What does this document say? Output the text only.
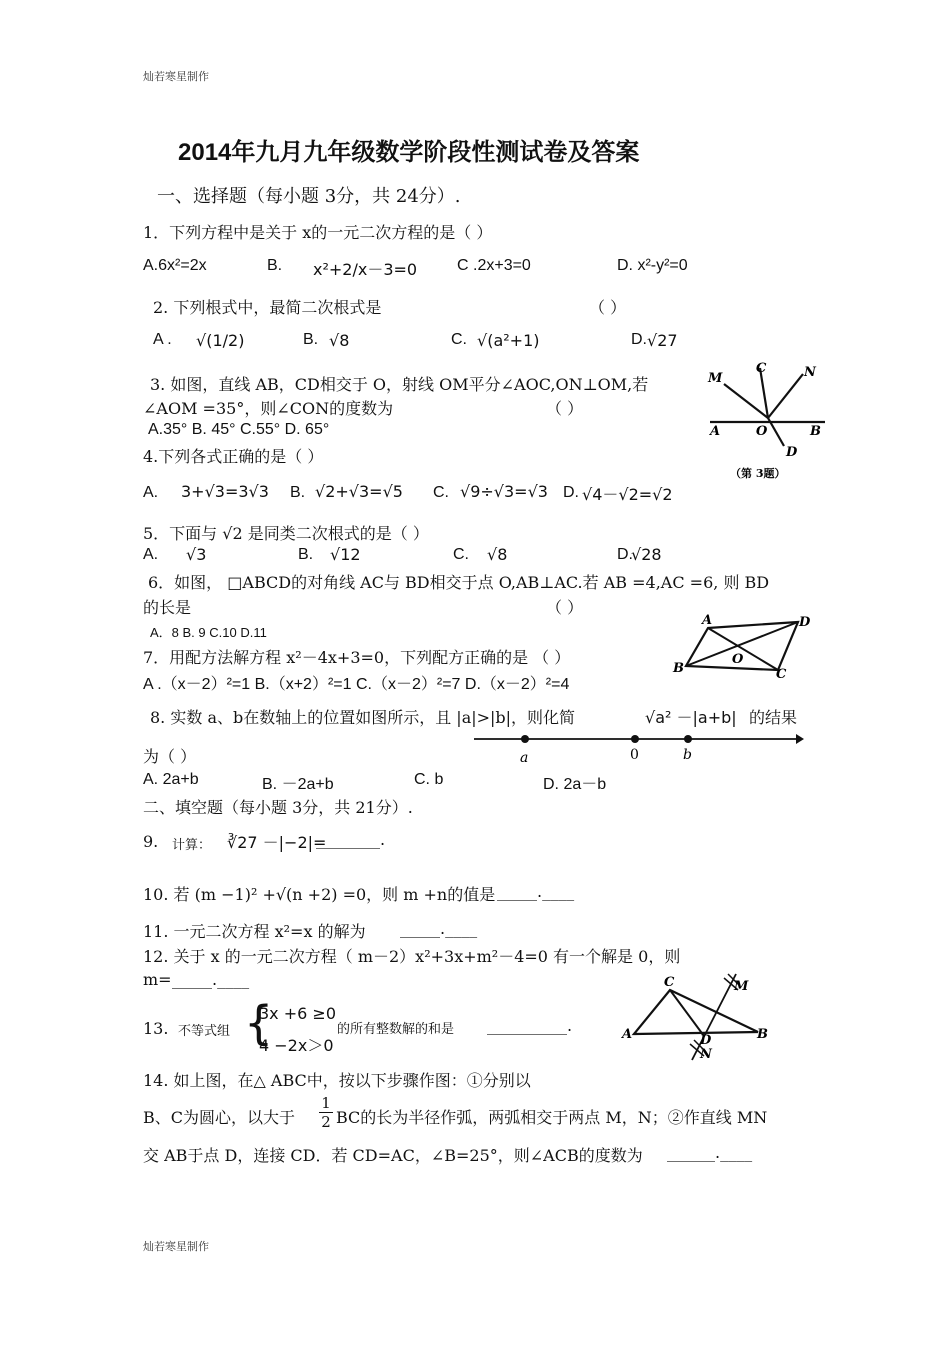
灿若寒星制作
灿若寒星制作
2014年九月九年级数学阶段性测试卷及答案
一、选择题（每小题 3分，共 24分）.
1．下列方程中是关于 x的一元二次方程的是（ ）
A.6x²=2x	B. x²+2/x－3=0 C .2x+3=0	D. x²-y²=0
2. 下列根式中，最简二次根式是	（ ）
A . √(1/2)	B. √8	C. √(a²+1)	D. √27
3. 如图，直线 AB，CD相交于 O，射线 OM平分∠AOC,ON⊥OM,若
∠AOM =35°，则∠CON的度数为	（ ）
A.35° B. 45° C.55° D. 65°
M
C	N
A	O	B
D
（第 3题）
4.下列各式正确的是（ ）
A. 3+√3=3√3 B. √2+√3=√5 C. √9÷√3=√3 D. √4－√2=√2
5．下面与 √2 是同类二次根式的是（ ）
A. √3	B. √12	C. √8	D.
√28
6．如图， □ABCD的对角线 AC与 BD相交于点 O,AB⊥AC.若 AB =4,AC =6, 则 BD
的长是	（ ）
A．8 B. 9 C.10 D.11
A	D
O
B	C
7．用配方法解方程 x²－4x+3=0，下列配方正确的是 （ ）
A .（x－2）²=1 B.（x+2）²=1 C.（x－2）²=7 D.（x－2）²=4
8. 实数 a、b在数轴上的位置如图所示，且 |a|>|b|，则化简	√a² －|a+b| 的结果
为（ ）
A. 2a+b	B. －2a+b	C. b	D. 2a－b
a	0	b
二、填空题（每小题 3分，共 21分）.
9. 计算： ∛27 －|−2|=
________.
10. 若 (m −1)² +√(n +2) =0，则 m +n的值是 _____.____
11. 一元二次方程 x²=x 的解为 _____.____
12. 关于 x 的一元二次方程（ m－2）x²+3x+m²－4=0 有一个解是 0，则
m= _____.____
13. 不等式组 {
3x +6 ≥0
4 −2x＞0
的所有整数解的和是 __________.
C	M
A	D	B
N
14. 如上图，在△ ABC中，按以下步骤作图：①分别以
B、C为圆心，以大于 $\frac{1}{2}$ BC的长为半径作弧，两弧相交于两点 M，N；②作直线 MN
交 AB于点 D，连接 CD．若 CD=AC，∠B=25°，则∠ACB的度数为 ______.____
